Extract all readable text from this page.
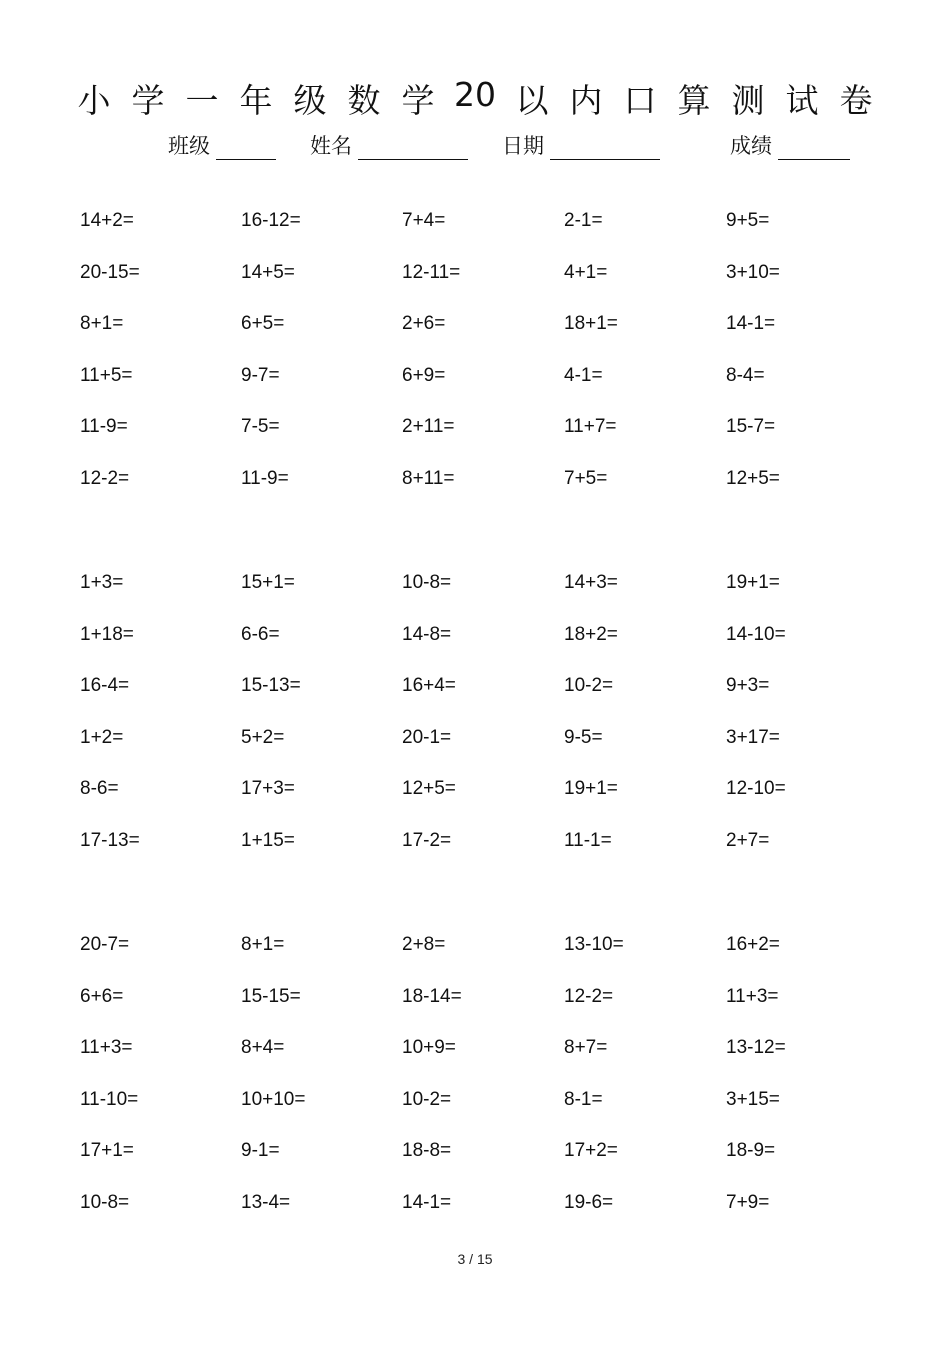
小 学 一 年 级 数 学 20 以 内 口 算 测 试 卷
班级	姓名	日期	成绩
14+2=	16-12=	7+4=	2-1=	9+5=
20-15=	14+5=	12-11=	4+1=	3+10=
8+1=	6+5=	2+6=	18+1=	14-1=
11+5=	9-7=	6+9=	4-1=	8-4=
11-9=	7-5=	2+11=	11+7=	15-7=
12-2=	11-9=	8+11=	7+5=	12+5=
1+3=	15+1=	10-8=	14+3=	19+1=
1+18=	6-6=	14-8=	18+2=	14-10=
16-4=	15-13=	16+4=	10-2=	9+3=
1+2=	5+2=	20-1=	9-5=	3+17=
8-6=	17+3=	12+5=	19+1=	12-10=
17-13=	1+15=	17-2=	11-1=	2+7=
20-7=	8+1=	2+8=	13-10=	16+2=
6+6=	15-15=	18-14=	12-2=	11+3=
11+3=	8+4=	10+9=	8+7=	13-12=
11-10=	10+10=	10-2=	8-1=	3+15=
17+1=	9-1=	18-8=	17+2=	18-9=
10-8=	13-4=	14-1=	19-6=	7+9=
3 / 15
